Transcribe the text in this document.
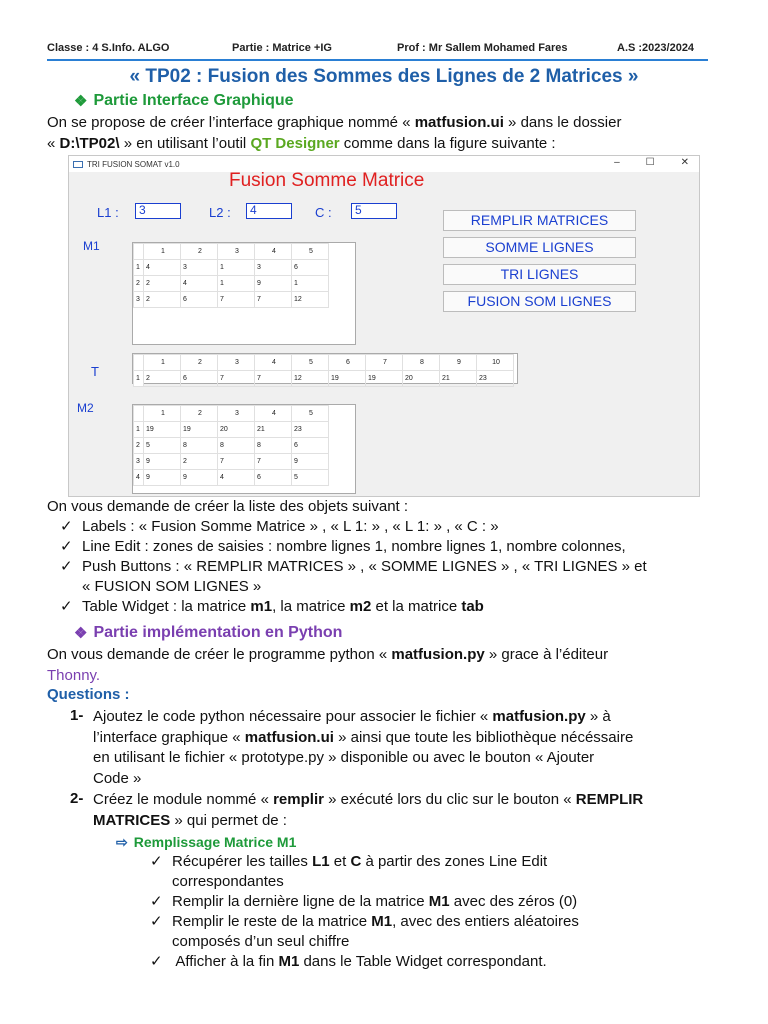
Classe : 4 S.Info. ALGO	Partie : Matrice +IG	Prof : Mr Sallem Mohamed Fares	A.S :2023/2024
« TP02 : Fusion des Sommes des Lignes de 2 Matrices »
❖ Partie Interface Graphique
On se propose de créer l’interface graphique nommé « matfusion.ui » dans le dossier
« D:\TP02\ » en utilisant l’outil QT Designer comme dans la figure suivante :
TRI FUSION SOMAT v1.0	–	☐	✕
Fusion Somme Matrice
L1 :	3	L2 :	4	C :	5
REMPLIR MATRICES
SOMME LIGNES
TRI LIGNES
FUSION SOM LIGNES
M1
		1	2	3	4	5
1	4	3	1	3	6
2	2	4	1	9	1
3	2	6	7	7	12
T
	1	2	3	4	5	6	7	8	9	10
1	2	6	7	7	12	19	19	20	21	23
M2
		1	2	3	4	5
1	19	19	20	21	23
2	5	8	8	8	6
3	9	2	7	7	9
4	9	9	4	6	5
On vous demande de créer la liste des objets suivant :
✓ Labels : « Fusion Somme Matrice » , « L 1: » , « L 1: » , « C : »
✓ Line Edit : zones de saisies : nombre lignes 1, nombre lignes 1, nombre colonnes,
✓ Push Buttons : « REMPLIR MATRICES » , « SOMME LIGNES » , « TRI LIGNES » et
« FUSION SOM LIGNES »
✓ Table Widget : la matrice m1, la matrice m2 et la matrice tab
❖ Partie implémentation en Python
On vous demande de créer le programme python « matfusion.py » grace à l’éditeur
Thonny.
Questions :
1- Ajoutez le code python nécessaire pour associer le fichier « matfusion.py » à
l’interface graphique « matfusion.ui » ainsi que toute les bibliothèque nécéssaire
en utilisant le fichier « prototype.py » disponible ou avec le bouton « Ajouter
Code »
2- Créez le module nommé « remplir » exécuté lors du clic sur le bouton « REMPLIR
MATRICES » qui permet de :
⇨ Remplissage Matrice M1
✓ Récupérer les tailles L1 et C à partir des zones Line Edit
correspondantes
✓ Remplir la dernière ligne de la matrice M1 avec des zéros (0)
✓ Remplir le reste de la matrice M1, avec des entiers aléatoires
composés d’un seul chiffre
✓ Afficher à la fin M1 dans le Table Widget correspondant.
